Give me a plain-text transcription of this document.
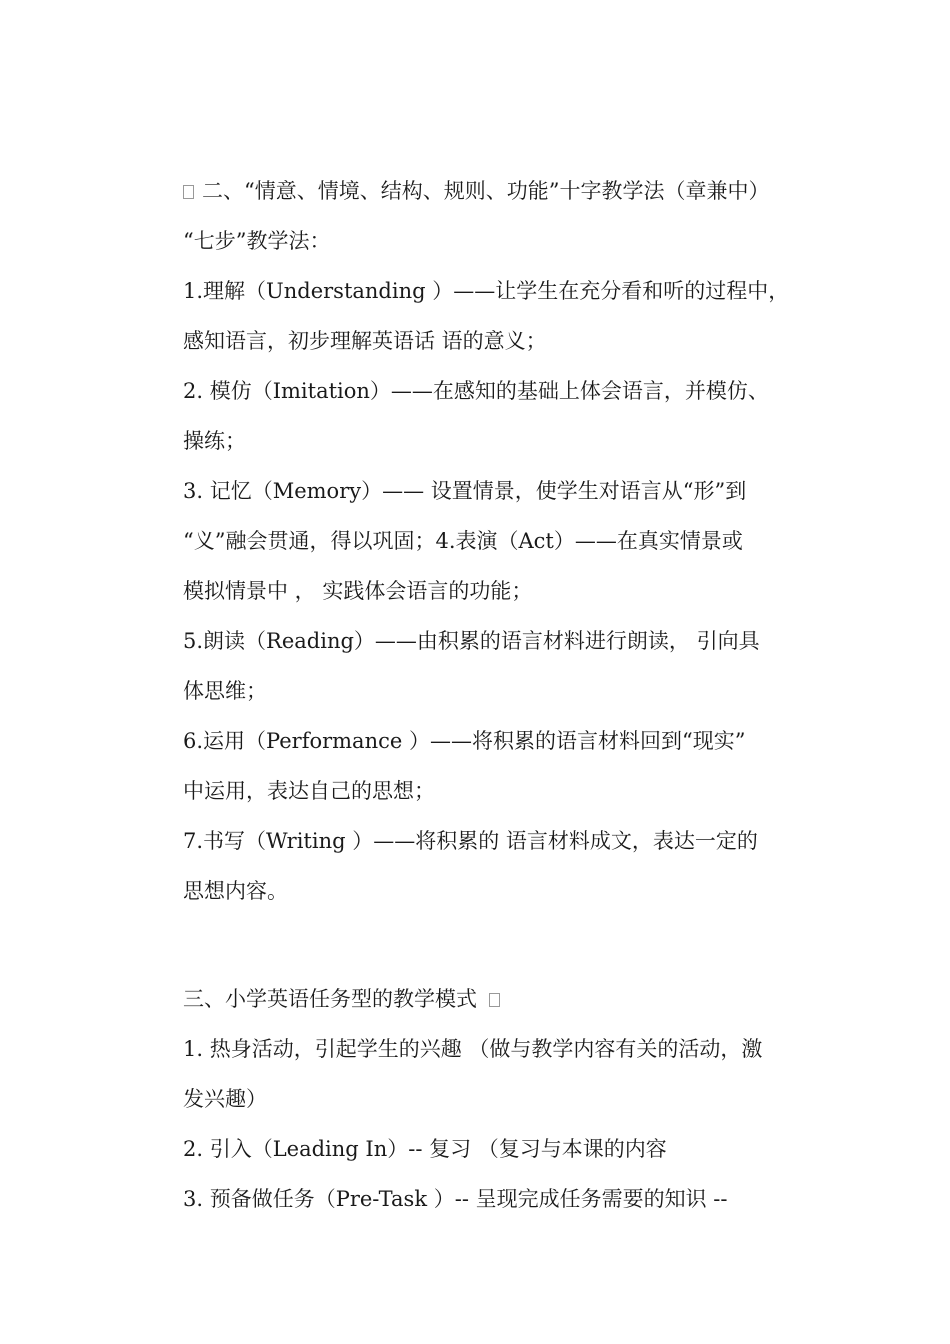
二、“情意、情境、结构、规则、功能”十字教学法（章兼中）
“七步”教学法：
1.理解（Understanding ）——让学生在充分看和听的过程中，
感知语言，初步理解英语话 语的意义；
2. 模仿（Imitation）——在感知的基础上体会语言，并模仿、
操练；
3. 记忆（Memory）—— 设置情景，使学生对语言从“形”到
“义”融会贯通，得以巩固；4.表演（Act）——在真实情景或
模拟情景中 ， 实践体会语言的功能；
5.朗读（Reading）——由积累的语言材料进行朗读， 引向具
体思维；
6.运用（Performance ）——将积累的语言材料回到“现实”
中运用，表达自己的思想；
7.书写（Writing ）——将积累的 语言材料成文，表达一定的
思想内容。
三、小学英语任务型的教学模式
1. 热身活动，引起学生的兴趣 （做与教学内容有关的活动，激
发兴趣）
2. 引入（Leading In）-- 复习 （复习与本课的内容
3. 预备做任务（Pre-Task ）-- 呈现完成任务需要的知识 --
